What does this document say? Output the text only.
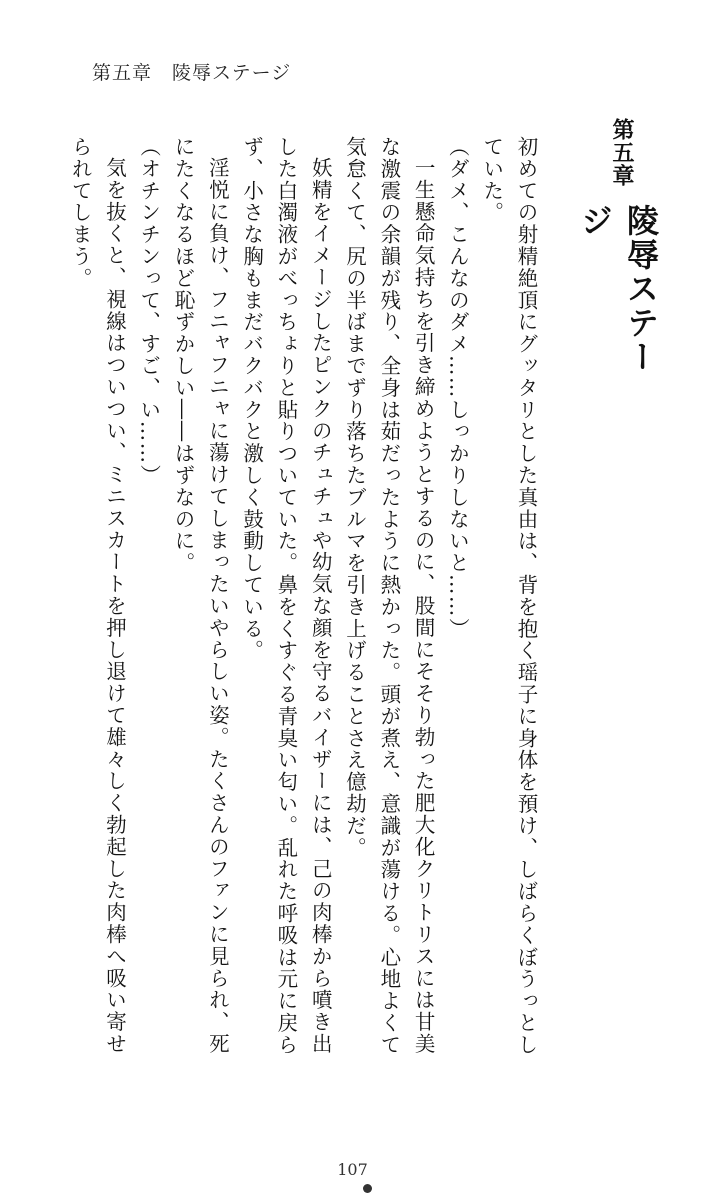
第五章　陵辱ステージ
第五章
陵辱ステージ

初めての射精絶頂にグッタリとした真由は、背を抱く瑶子に身体を預け、しばらくぼうっとしていた。

（ダメ、こんなのダメ……しっかりしないと……）

一生懸命気持ちを引き締めようとするのに、股間にそそり勃った肥大化クリトリスには甘美な激震の余韻が残り、全身は茹だったように熱かった。頭が煮え、意識が蕩ける。心地よくて気怠くて、尻の半ばまでずり落ちたブルマを引き上げることさえ億劫だ。

妖精をイメージしたピンクのチュチュや幼気な顔を守るバイザーには、己の肉棒から噴き出した白濁液がべっちょりと貼りついていた。鼻をくすぐる青臭い匂い。乱れた呼吸は元に戻らず、小さな胸もまだバクバクと激しく鼓動している。

淫悦に負け、フニャフニャに蕩けてしまったいやらしい姿。たくさんのファンに見られ、死にたくなるほど恥ずかしい――はずなのに。

（オチンチンって、すご、い……）

気を抜くと、視線はついつい、ミニスカートを押し退けて雄々しく勃起した肉棒へ吸い寄せられてしまう。

107
